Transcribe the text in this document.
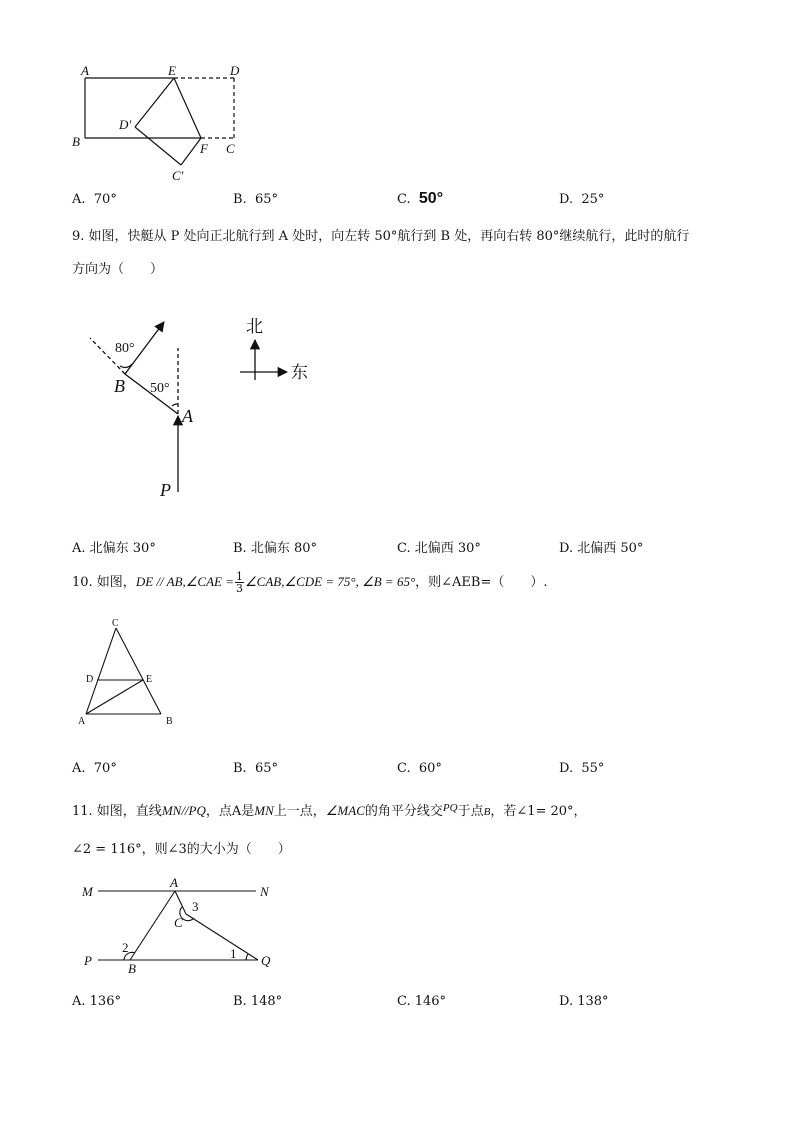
A	E	D
D′
B	F C
C′
A.  70°	B.  65°	C.  50°	D.  25°
9. 如图，快艇从 P 处向正北航行到 A 处时，向左转 50°航行到 B 处，再向右转 80°继续航行，此时的航行
方向为（　　）
80°
50°
B
A
P
北
东
A. 北偏东 30°	B. 北偏东 80°	C. 北偏西 30°	D. 北偏西 50°
10. 如图，DE // AB,∠CAE = $\frac{1}{3}$ ∠CAB,∠CDE = 75°, ∠B = 65°，则∠AEB=（　　）.
C
D	E
A	B
A.  70°	B.  65°	C.  60°	D.  55°
11. 如图，直线MN//PQ，点A是MN上一点，∠MAC的角平分线交$^{PQ}$于点B，若∠1= 20°，
∠2 = 116°，则∠3的大小为（　　）
M
A
N
C
3
2
P
B
1 Q
A. 136°	B. 148°	C. 146°	D. 138°
